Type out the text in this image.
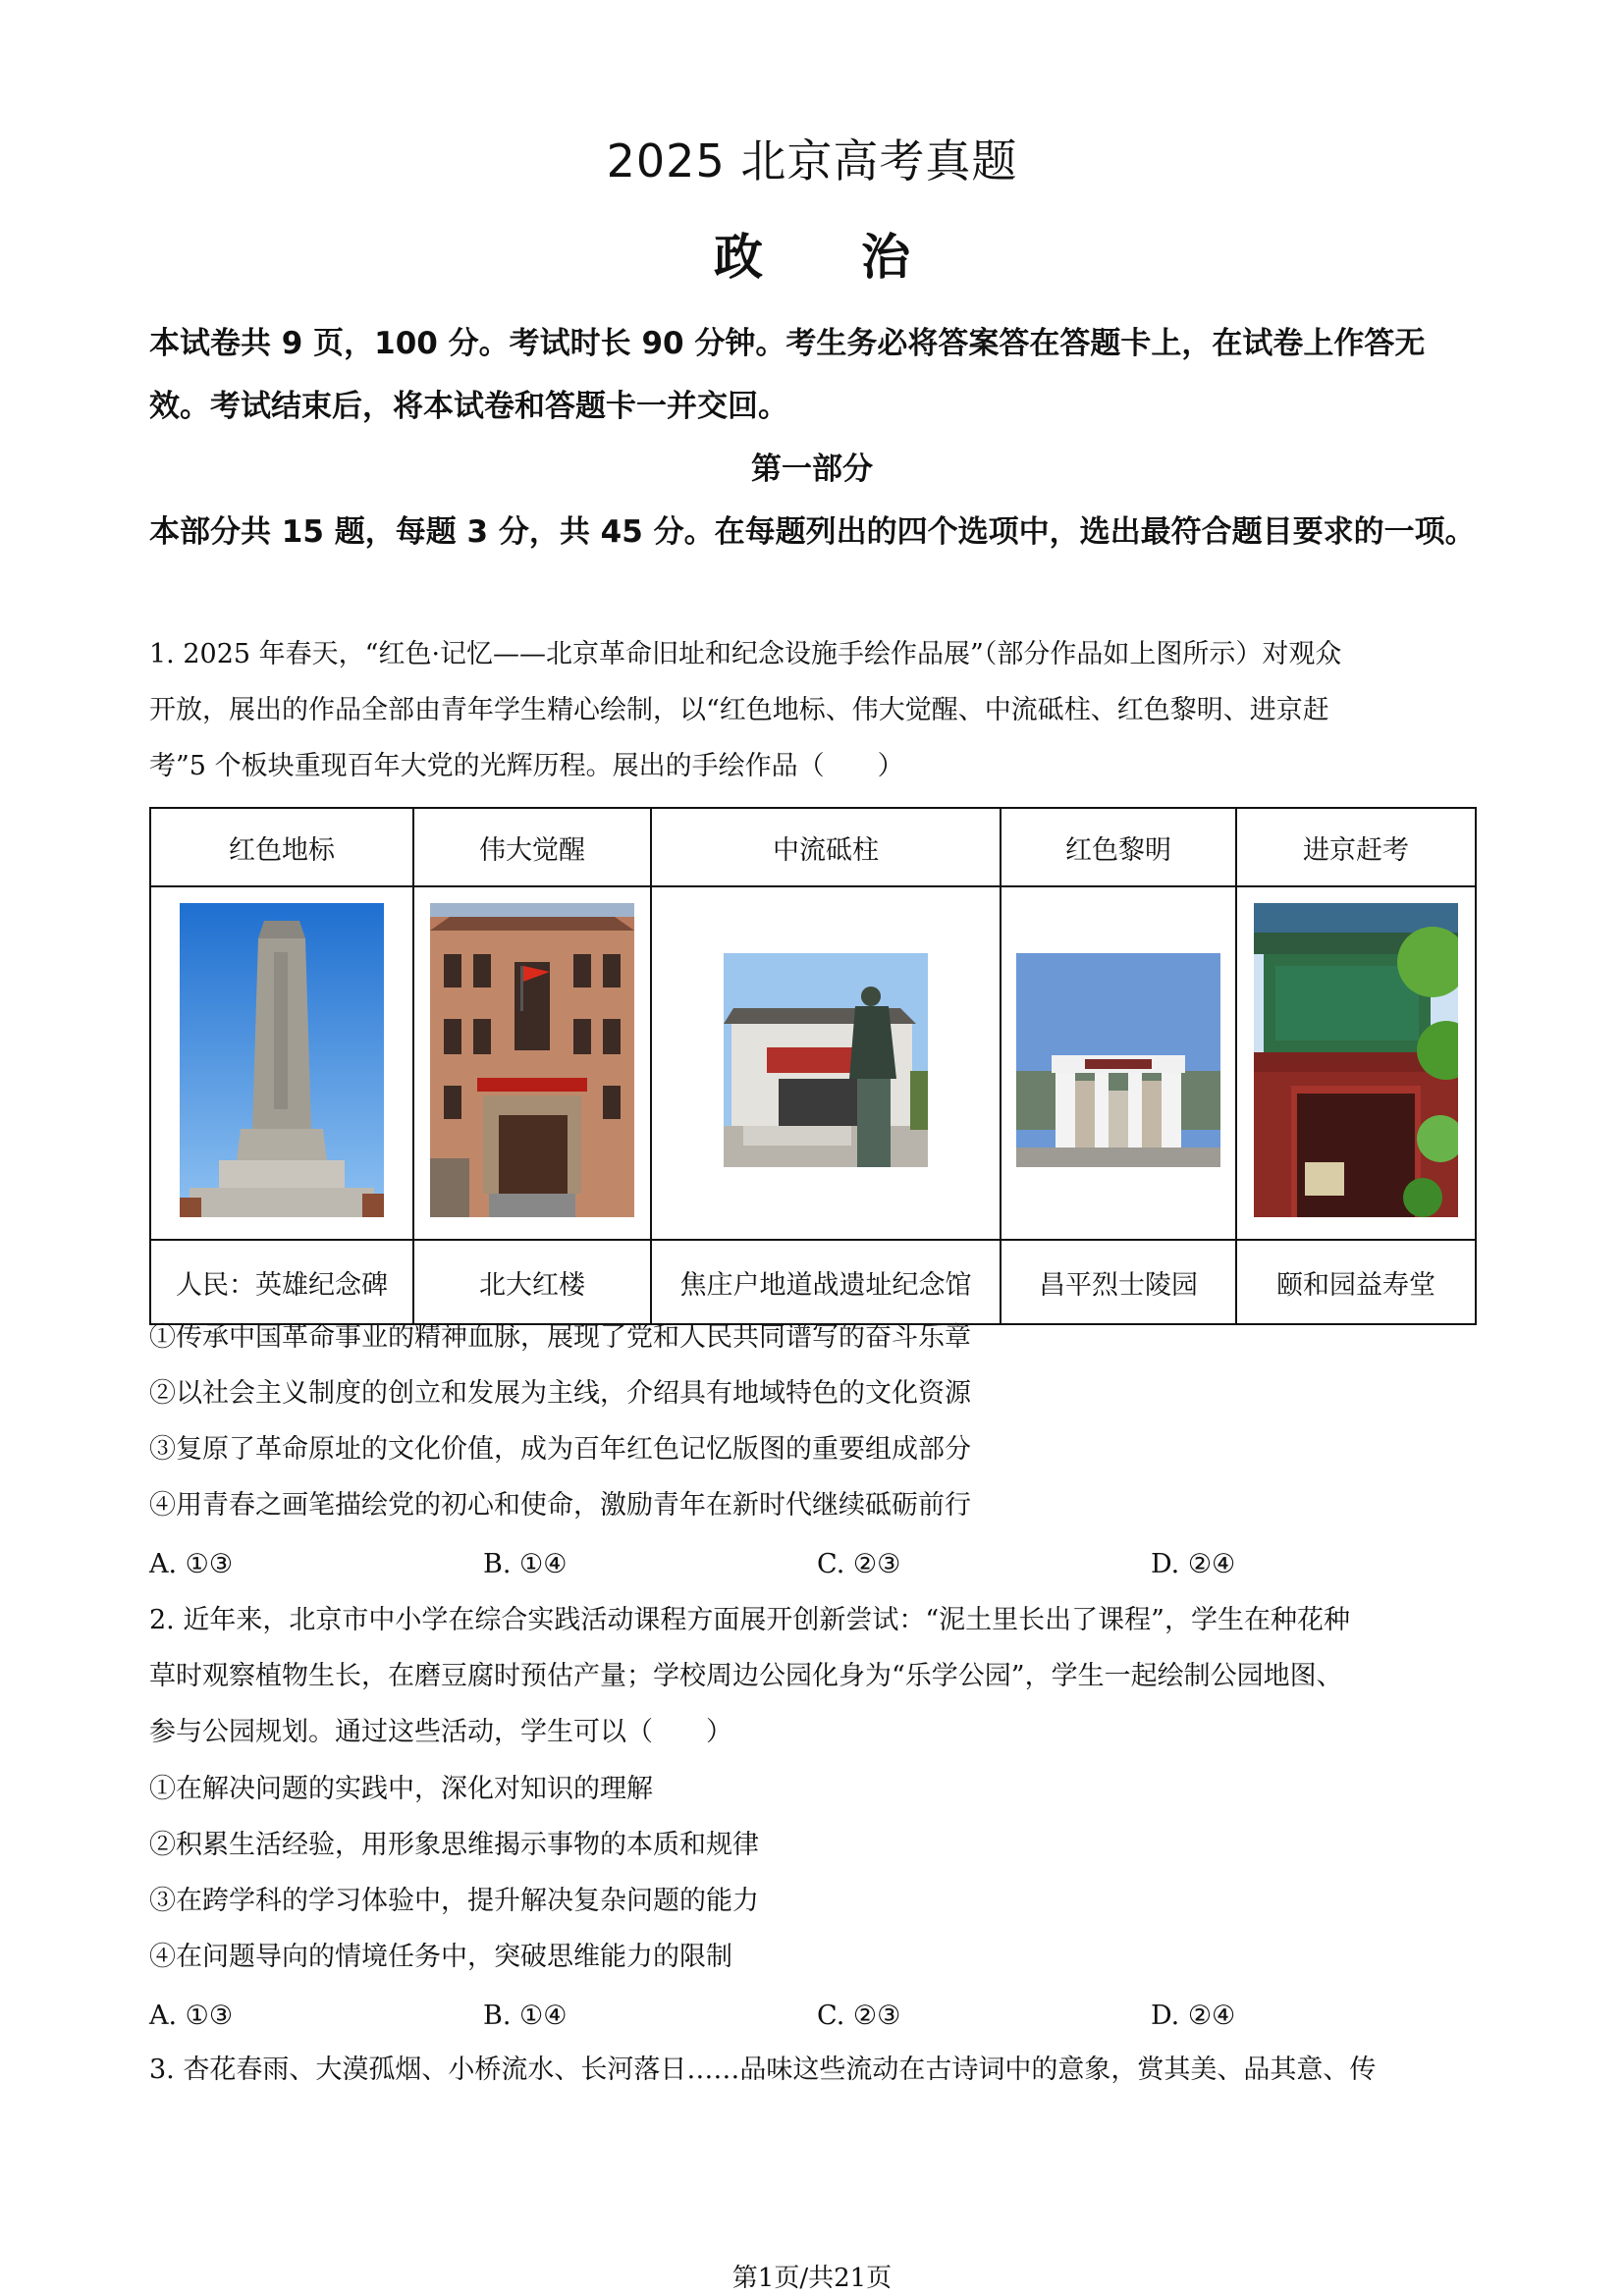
2025 北京高考真题
政 治
本试卷共 9 页，100 分。考试时长 90 分钟。考生务必将答案答在答题卡上，在试卷上作答无效。考试结束后，将本试卷和答题卡一并交回。
第一部分
本部分共 15 题，每题 3 分，共 45 分。在每题列出的四个选项中，选出最符合题目要求的一项。
1. 2025 年春天，“红色·记忆——北京革命旧址和纪念设施手绘作品展”（部分作品如上图所示）对观众
开放，展出的作品全部由青年学生精心绘制，以“红色地标、伟大觉醒、中流砥柱、红色黎明、进京赶
考”5 个板块重现百年大党的光辉历程。展出的手绘作品（　　）
红色地标	伟大觉醒	中流砥柱	红色黎明	进京赶考

人民：英雄纪念碑	北大红楼	焦庄户地道战遗址纪念馆	昌平烈士陵园	颐和园益寿堂
①传承中国革命事业的精神血脉，展现了党和人民共同谱写的奋斗乐章
②以社会主义制度的创立和发展为主线，介绍具有地域特色的文化资源
③复原了革命原址的文化价值，成为百年红色记忆版图的重要组成部分
④用青春之画笔描绘党的初心和使命，激励青年在新时代继续砥砺前行
A. ①③	B. ①④	C. ②③	D. ②④
2. 近年来，北京市中小学在综合实践活动课程方面展开创新尝试：“泥土里长出了课程”，学生在种花种
草时观察植物生长，在磨豆腐时预估产量；学校周边公园化身为“乐学公园”，学生一起绘制公园地图、
参与公园规划。通过这些活动，学生可以（　　）
①在解决问题的实践中，深化对知识的理解
②积累生活经验，用形象思维揭示事物的本质和规律
③在跨学科的学习体验中，提升解决复杂问题的能力
④在问题导向的情境任务中，突破思维能力的限制
A. ①③	B. ①④	C. ②③	D. ②④
3. 杏花春雨、大漠孤烟、小桥流水、长河落日……品味这些流动在古诗词中的意象，赏其美、品其意、传
第1页/共21页
